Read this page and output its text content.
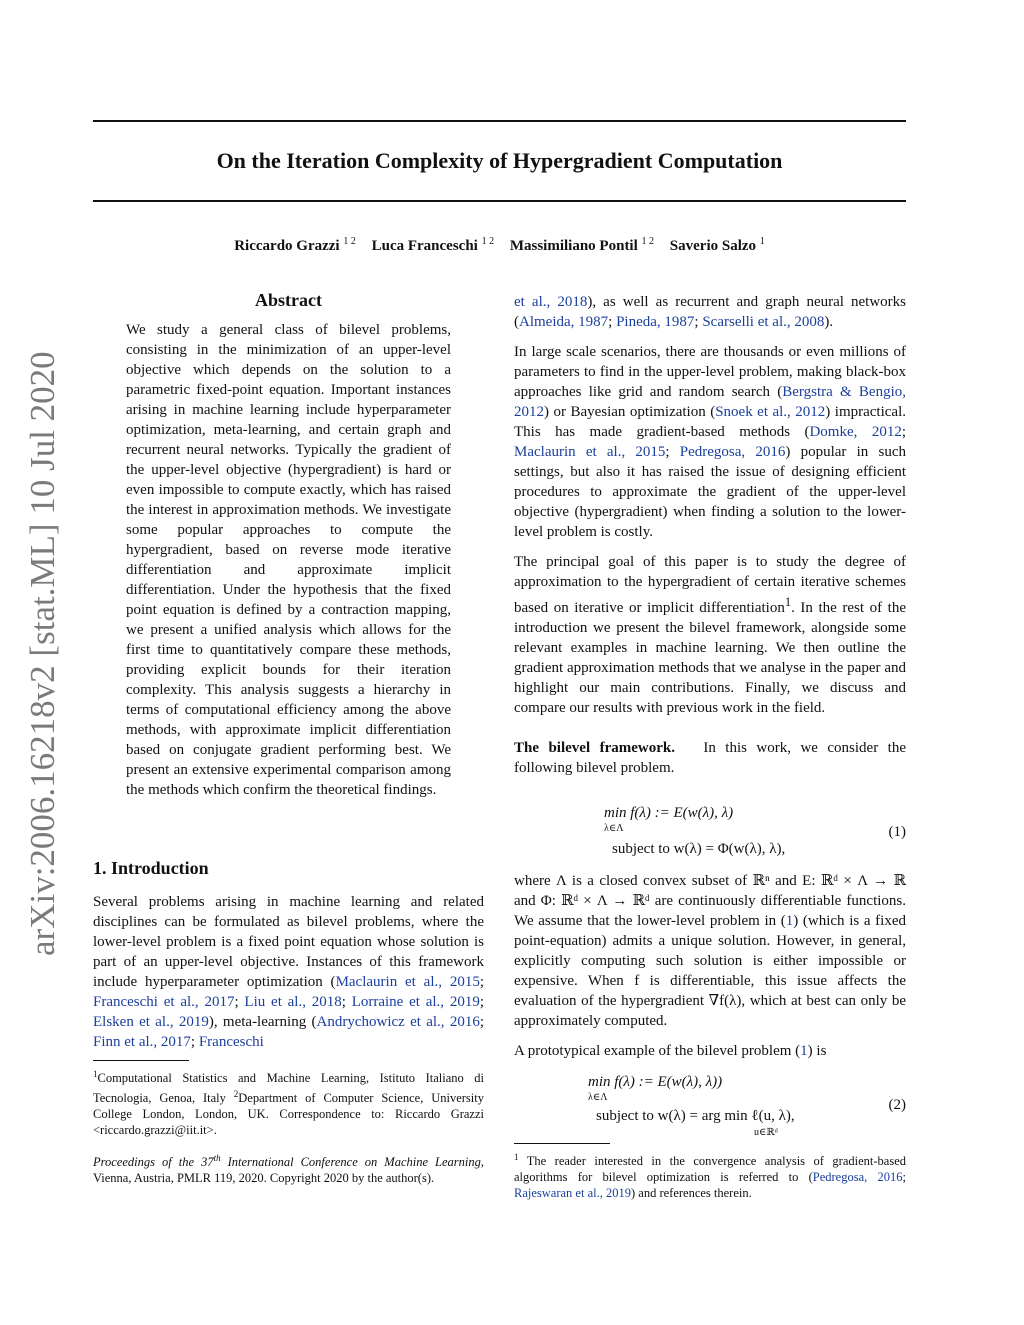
arXiv:2006.16218v2 [stat.ML] 10 Jul 2020
On the Iteration Complexity of Hypergradient Computation
Riccardo Grazzi $^{1 2}$ Luca Franceschi $^{1 2}$ Massimiliano Pontil $^{1 2}$ Saverio Salzo $^1$
Abstract
We study a general class of bilevel problems, consisting in the minimization of an upper-level objective which depends on the solution to a parametric fixed-point equation. Important instances arising in machine learning include hyperparameter optimization, meta-learning, and certain graph and recurrent neural networks. Typically the gradient of the upper-level objective (hypergradient) is hard or even impossible to compute exactly, which has raised the interest in approximation methods. We investigate some popular approaches to compute the hypergradient, based on reverse mode iterative differentiation and approximate implicit differentiation. Under the hypothesis that the fixed point equation is defined by a contraction mapping, we present a unified analysis which allows for the first time to quantitatively compare these methods, providing explicit bounds for their iteration complexity. This analysis suggests a hierarchy in terms of computational efficiency among the above methods, with approximate implicit differentiation based on conjugate gradient performing best. We present an extensive experimental comparison among the methods which confirm the theoretical findings.
1. Introduction
Several problems arising in machine learning and related disciplines can be formulated as bilevel problems, where the lower-level problem is a fixed point equation whose solution is part of an upper-level objective. Instances of this framework include hyperparameter optimization (Maclaurin et al., 2015; Franceschi et al., 2017; Liu et al., 2018; Lorraine et al., 2019; Elsken et al., 2019), meta-learning (Andrychowicz et al., 2016; Finn et al., 2017; Franceschi
$^1$Computational Statistics and Machine Learning, Istituto Italiano di Tecnologia, Genoa, Italy $^2$Department of Computer Science, University College London, London, UK. Correspondence to: Riccardo Grazzi <riccardo.grazzi@iit.it>.
Proceedings of the 37th International Conference on Machine Learning, Vienna, Austria, PMLR 119, 2020. Copyright 2020 by the author(s).

et al., 2018), as well as recurrent and graph neural networks (Almeida, 1987; Pineda, 1987; Scarselli et al., 2008).

In large scale scenarios, there are thousands or even millions of parameters to find in the upper-level problem, making black-box approaches like grid and random search (Bergstra & Bengio, 2012) or Bayesian optimization (Snoek et al., 2012) impractical. This has made gradient-based methods (Domke, 2012; Maclaurin et al., 2015; Pedregosa, 2016) popular in such settings, but also it has raised the issue of designing efficient procedures to approximate the gradient of the upper-level objective (hypergradient) when finding a solution to the lower-level problem is costly.

The principal goal of this paper is to study the degree of approximation to the hypergradient of certain iterative schemes based on iterative or implicit differentiation$^1$. In the rest of the introduction we present the bilevel framework, alongside some relevant examples in machine learning. We then outline the gradient approximation methods that we analyse in the paper and highlight our main contributions. Finally, we discuss and compare our results with previous work in the field.

The bilevel framework. In this work, we consider the following bilevel problem.

min f(λ) := E(w(λ), λ)
λ∈Λ
subject to w(λ) = Φ(w(λ), λ),
(1)

where Λ is a closed convex subset of ℝⁿ and E: ℝᵈ × Λ → ℝ and Φ: ℝᵈ × Λ → ℝᵈ are continuously differentiable functions. We assume that the lower-level problem in (1) (which is a fixed point-equation) admits a unique solution. However, in general, explicitly computing such solution is either impossible or expensive. When f is differentiable, this issue affects the evaluation of the hypergradient ∇f(λ), which at best can only be approximately computed.

A prototypical example of the bilevel problem (1) is

min f(λ) := E(w(λ), λ))
λ∈Λ
subject to w(λ) = arg min ℓ(u, λ),
u∈ℝᵈ
(2)
$^1$ The reader interested in the convergence analysis of gradient-based algorithms for bilevel optimization is referred to (Pedregosa, 2016; Rajeswaran et al., 2019) and references therein.
